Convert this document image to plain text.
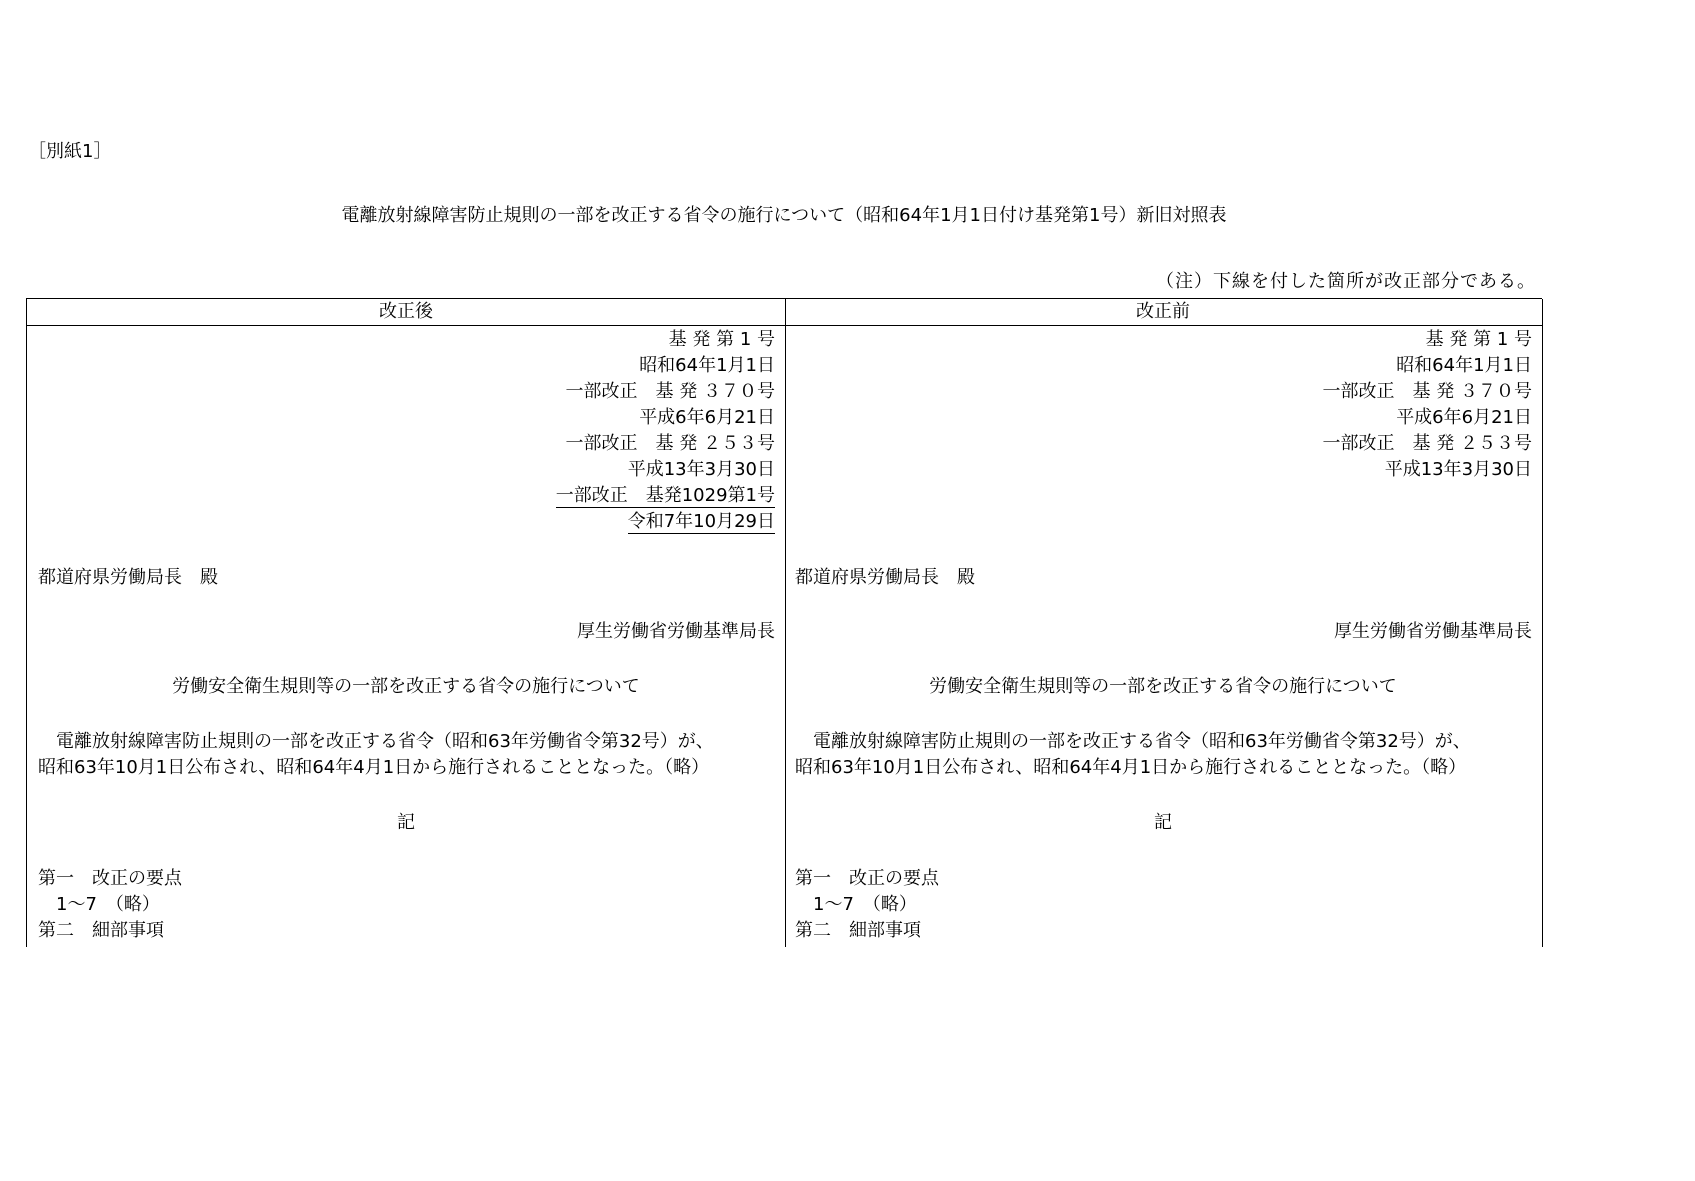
［別紙1］
電離放射線障害防止規則の一部を改正する省令の施行について（昭和64年1月1日付け基発第1号）新旧対照表
（注）下線を付した箇所が改正部分である。
改正後
基 発 第 1 号
昭和64年1月1日
一部改正　基 発 ３７０号
平成6年6月21日
一部改正　基 発 ２５３号
平成13年3月30日
一部改正　基発1029第1号
令和7年10月29日
都道府県労働局長　殿
厚生労働省労働基準局長
労働安全衛生規則等の一部を改正する省令の施行について
　電離放射線障害防止規則の一部を改正する省令（昭和63年労働省令第32号）が、
昭和63年10月1日公布され、昭和64年4月1日から施行されることとなった。（略）
記
第一　改正の要点
　1～7　（略）
第二　細部事項
改正前
基 発 第 1 号
昭和64年1月1日
一部改正　基 発 ３７０号
平成6年6月21日
一部改正　基 発 ２５３号
平成13年3月30日
都道府県労働局長　殿
厚生労働省労働基準局長
労働安全衛生規則等の一部を改正する省令の施行について
　電離放射線障害防止規則の一部を改正する省令（昭和63年労働省令第32号）が、
昭和63年10月1日公布され、昭和64年4月1日から施行されることとなった。（略）
記
第一　改正の要点
　1～7　（略）
第二　細部事項
